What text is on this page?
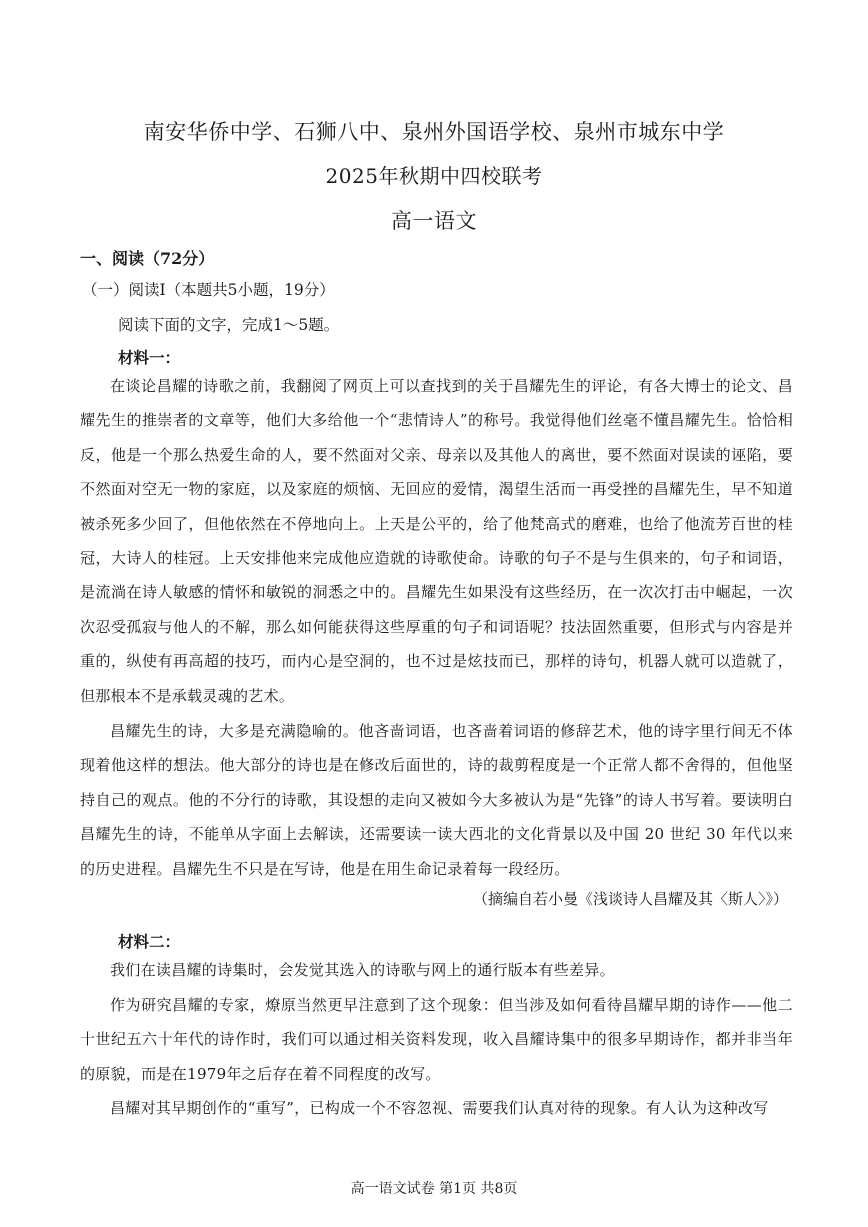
南安华侨中学、石狮八中、泉州外国语学校、泉州市城东中学
2025年秋期中四校联考
高一语文
一、阅读（72分）
（一）阅读Ⅰ（本题共5小题，19分）
阅读下面的文字，完成1～5题。
材料一：

在谈论昌耀的诗歌之前，我翻阅了网页上可以查找到的关于昌耀先生的评论，有各大博士的论文、昌耀先生的推崇者的文章等，他们大多给他一个“悲情诗人”的称号。我觉得他们丝毫不懂昌耀先生。恰恰相反，他是一个那么热爱生命的人，要不然面对父亲、母亲以及其他人的离世，要不然面对误读的诬陷，要不然面对空无一物的家庭，以及家庭的烦恼、无回应的爱情，渴望生活而一再受挫的昌耀先生，早不知道被杀死多少回了，但他依然在不停地向上。上天是公平的，给了他梵高式的磨难，也给了他流芳百世的桂冠，大诗人的桂冠。上天安排他来完成他应造就的诗歌使命。诗歌的句子不是与生俱来的，句子和词语，是流淌在诗人敏感的情怀和敏锐的洞悉之中的。昌耀先生如果没有这些经历，在一次次打击中崛起，一次次忍受孤寂与他人的不解，那么如何能获得这些厚重的句子和词语呢？技法固然重要，但形式与内容是并重的，纵使有再高超的技巧，而内心是空洞的，也不过是炫技而已，那样的诗句，机器人就可以造就了，但那根本不是承载灵魂的艺术。

昌耀先生的诗，大多是充满隐喻的。他吝啬词语，也吝啬着词语的修辞艺术，他的诗字里行间无不体现着他这样的想法。他大部分的诗也是在修改后面世的，诗的裁剪程度是一个正常人都不舍得的，但他坚持自己的观点。他的不分行的诗歌，其设想的走向又被如今大多被认为是“先锋”的诗人书写着。要读明白昌耀先生的诗，不能单从字面上去解读，还需要读一读大西北的文化背景以及中国 20 世纪 30 年代以来的历史进程。昌耀先生不只是在写诗，他是在用生命记录着每一段经历。

（摘编自若小曼《浅谈诗人昌耀及其〈斯人〉》）
材料二：

我们在读昌耀的诗集时，会发觉其选入的诗歌与网上的通行版本有些差异。

作为研究昌耀的专家，燎原当然更早注意到了这个现象：但当涉及如何看待昌耀早期的诗作——他二十世纪五六十年代的诗作时，我们可以通过相关资料发现，收入昌耀诗集中的很多早期诗作，都并非当年的原貌，而是在1979年之后存在着不同程度的改写。

昌耀对其早期创作的“重写”，已构成一个不容忽视、需要我们认真对待的现象。有人认为这种改写

高一语文试卷 第1页 共8页
